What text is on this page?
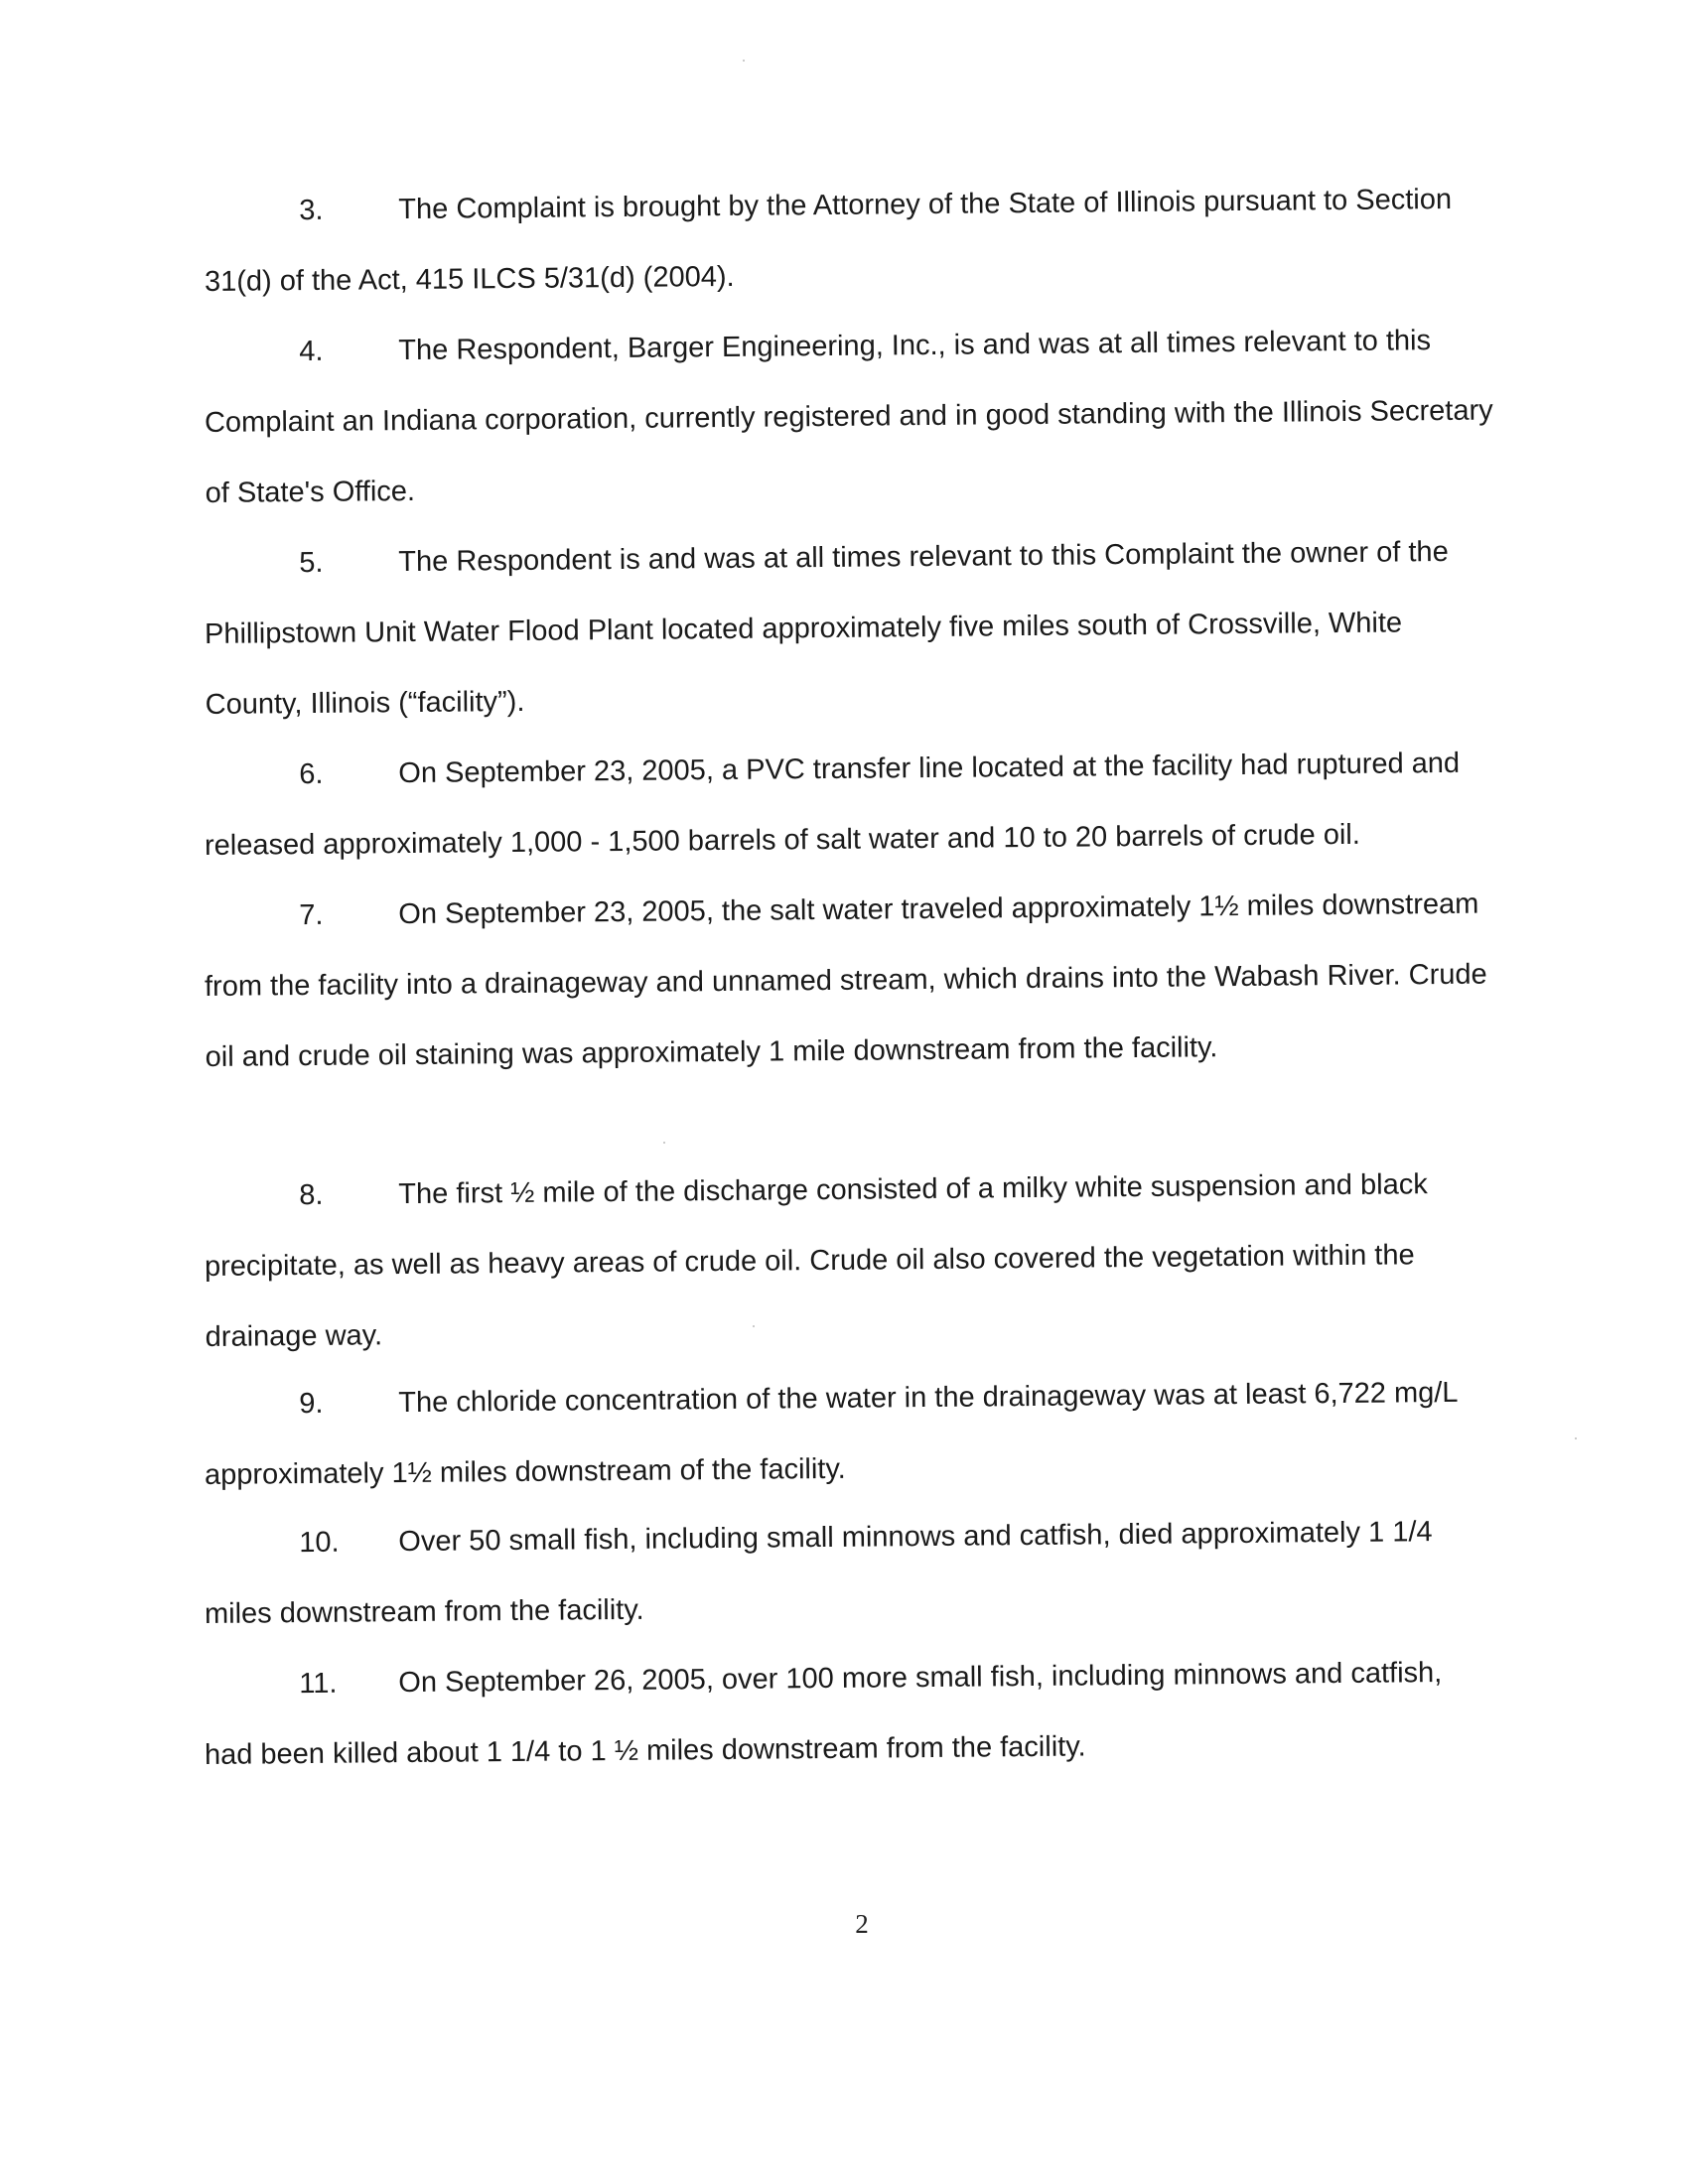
3.	The Complaint is brought by the Attorney of the State of Illinois pursuant to Section 31(d) of the Act, 415 ILCS 5/31(d) (2004).

4.	The Respondent, Barger Engineering, Inc., is and was at all times relevant to this Complaint an Indiana corporation, currently registered and in good standing with the Illinois Secretary of State's Office.

5.	The Respondent is and was at all times relevant to this Complaint the owner of the Phillipstown Unit Water Flood Plant located approximately five miles south of Crossville, White County, Illinois (“facility”).

6.	On September 23, 2005, a PVC transfer line located at the facility had ruptured and released approximately 1,000 - 1,500 barrels of salt water and 10 to 20 barrels of crude oil.

7.	On September 23, 2005, the salt water traveled approximately 1½ miles downstream from the facility into a drainageway and unnamed stream, which drains into the Wabash River. Crude oil and crude oil staining was approximately 1 mile downstream from the facility.

8.	The first ½ mile of the discharge consisted of a milky white suspension and black precipitate, as well as heavy areas of crude oil. Crude oil also covered the vegetation within the drainage way.

9.	The chloride concentration of the water in the drainageway was at least 6,722 mg/L approximately 1½ miles downstream of the facility.

10. Over 50 small fish, including small minnows and catfish, died approximately 1 1/4 miles downstream from the facility.

11. On September 26, 2005, over 100 more small fish, including minnows and catfish, had been killed about 1 1/4 to 1 ½ miles downstream from the facility.

2
